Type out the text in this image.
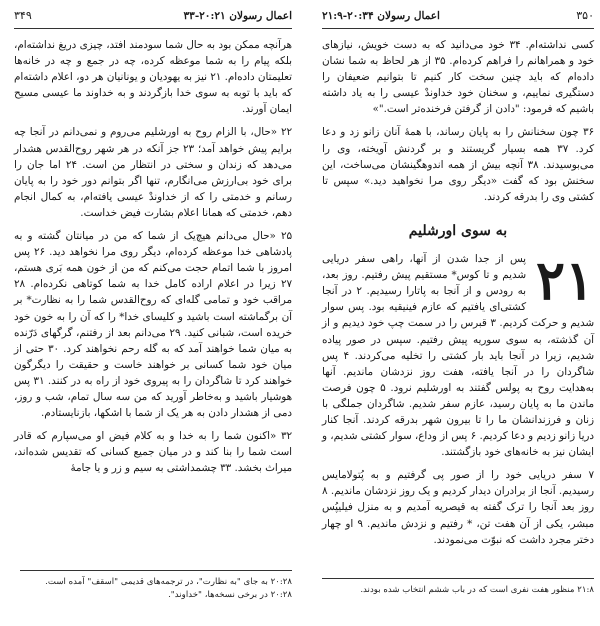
۳۴۹	اعمال رسولان ۲۰:۲۱-۳۳

هرآنچه ممکن بود به حال شما سودمند افتد، چیزی دریغ نداشته‌ام، بلکه پیام را به شما موعظه کرده، چه در جمع و چه در خانه‌ها تعلیمتان داده‌ام. ۲۱ نیز به یهودیان و یونانیان هر دو، اعلام داشته‌ام که باید با توبه به سوی خدا بازگردند و به خداوند ما عیسی مسیح ایمان آورند.

۲۲ «حال، با الزام روح به اورشلیم می‌روم و نمی‌دانم در آنجا چه برایم پیش خواهد آمد؛ ۲۳ جز آنکه در هر شهر روح‌القدس هشدار می‌دهد که زندان و سختی در انتظار من است. ۲۴ اما جان را برای خود بی‌ارزش می‌انگارم، تنها اگر بتوانم دور خود را به پایان رسانم و خدمتی را که از خداوندْ عیسی یافته‌ام، به کمال انجام دهم، خدمتی که همانا اعلام بشارت فیض خداست.

۲۵ «حال می‌دانم هیچ‌یک از شما که من در میانتان گشته و به پادشاهی خدا موعظه کرده‌ام، دیگر روی مرا نخواهد دید. ۲۶ پس امروز با شما اتمام حجت می‌کنم که من از خون همه بَری هستم، ۲۷ زیرا در اعلام اراده کامل خدا به شما کوتاهی نکرده‌ام. ۲۸ مراقب خود و تمامی گله‌ای که روح‌القدس شما را به نظارت* بر آن برگماشته است باشید و کلیسای خدا* را که آن را به خون خود خریده است، شبانی کنید. ۲۹ می‌دانم بعد از رفتنم، گرگهای دَرّنده به میان شما خواهند آمد که به گله رحم نخواهند کرد. ۳۰ حتی از میان خود شما کسانی بر خواهند خاست و حقیقت را دیگرگون خواهند کرد تا شاگردان را به پیروی خود از راه به در کنند. ۳۱ پس هوشیار باشید و به‌خاطر آورید که من سه سال تمام، شب و روز، دمی از هشدار دادن به هر یک از شما با اشکها، بازنایستادم.

۳۲ «اکنون شما را به خدا و به کلام فیض او می‌سپارم که قادر است شما را بنا کند و در میان جمیع کسانی که تقدیس شده‌اند، میراث بخشد. ۳۳ چشمداشتی به سیم و زر و یا جامهٔ

۲۰:۲۸ به جای "به نظارت"، در ترجمه‌های قدیمی "اسقف" آمده است.

۲۰:۲۸ در برخی نسخه‌ها، "خداوند".

اعمال رسولان ۲۰:۳۴-۲۱:۹	۳۵۰

کسی نداشته‌ام. ۳۴ خود می‌دانید که به دست خویش، نیازهای خود و همراهانم را فراهم کرده‌ام. ۳۵ از هر لحاظ به شما نشان داده‌ام که باید چنین سخت کار کنیم تا بتوانیم ضعیفان را دستگیری نماییم، و سخنان خود خداوندْ عیسی را به یاد داشته باشیم که فرمود: "دادن از گرفتن فرخنده‌تر است."»

۳۶ چون سخنانش را به پایان رساند، با همهٔ آنان زانو زد و دعا کرد. ۳۷ همه بسیار گریستند و بر گردنش آویخته، وی را می‌بوسیدند. ۳۸ آنچه بیش از همه اندوهگینشان می‌ساخت، این سخنش بود که گفت «دیگر روی مرا نخواهید دید.» سپس تا کشتی وی را بدرقه کردند.

به سوی اورشلیم
۲۱

پس از جدا شدن از آنها، راهی سفر دریایی شدیم و تا کوس* مستقیم پیش رفتیم. روز بعد، به رودس و از آنجا به پاتارا رسیدیم. ۲ در آنجا کشتی‌ای یافتیم که عازم فینیقیه بود. پس سوار شدیم و حرکت کردیم. ۳ قبرس را در سمت چپ خود دیدیم و از آن گذشته، به سوی سوریه پیش رفتیم. سپس در صور پیاده شدیم، زیرا در آنجا باید بار کشتی را تخلیه می‌کردند. ۴ پس شاگردان را در آنجا یافته، هفت روز نزدشان ماندیم. آنها به‌هدایت روح به پولس گفتند به اورشلیم نرود. ۵ چون فرصت ماندن ما به پایان رسید، عازم سفر شدیم. شاگردان جملگی با زنان و فرزندانشان ما را تا بیرون شهر بدرقه کردند. آنجا کنار دریا زانو زدیم و دعا کردیم. ۶ پس از وداع، سوار کشتی شدیم، و ایشان نیز به خانه‌های خود بازگشتند.

۷ سفر دریایی خود را از صور پی گرفتیم و به پُتولامایس رسیدیم. آنجا از برادران دیدار کردیم و یک روز نزدشان ماندیم. ۸ روز بعد آنجا را ترک گفته به قیصریه آمدیم و به منزل فیلیپُس مبشر، یکی از آن هفت تن، * رفتیم و نزدش ماندیم. ۹ او چهار دختر مجرد داشت که نبوّت می‌نمودند.

۲۱:۸ منظور هفت نفری است که در باب ششم انتخاب شده بودند.
